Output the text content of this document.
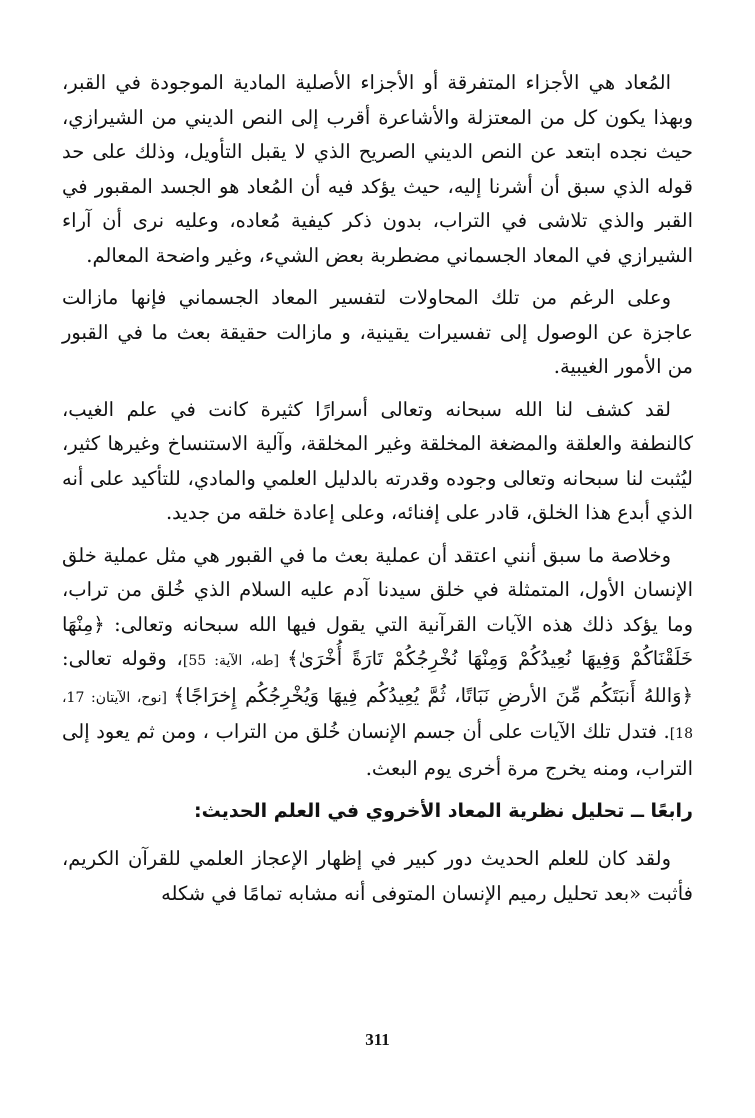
المُعاد هي الأجزاء المتفرقة أو الأجزاء الأصلية المادية الموجودة في القبر، وبهذا يكون كل من المعتزلة والأشاعرة أقرب إلى النص الديني من الشيرازي، حيث نجده ابتعد عن النص الديني الصريح الذي لا يقبل التأويل، وذلك على حد قوله الذي سبق أن أشرنا إليه، حيث يؤكد فيه أن المُعاد هو الجسد المقبور في القبر والذي تلاشى في التراب، بدون ذكر كيفية مُعاده، وعليه نرى أن آراء الشيرازي في المعاد الجسماني مضطربة بعض الشيء، وغير واضحة المعالم.

وعلى الرغم من تلك المحاولات لتفسير المعاد الجسماني فإنها مازالت عاجزة عن الوصول إلى تفسيرات يقينية، و مازالت حقيقة بعث ما في القبور من الأمور الغيبية.

لقد كشف لنا الله سبحانه وتعالى أسرارًا كثيرة كانت في علم الغيب، كالنطفة والعلقة والمضغة المخلقة وغير المخلقة، وآلية الاستنساخ وغيرها كثير، ليُثبت لنا سبحانه وتعالى وجوده وقدرته بالدليل العلمي والمادي، للتأكيد على أنه الذي أبدع هذا الخلق، قادر على إفنائه، وعلى إعادة خلقه من جديد.

وخلاصة ما سبق أنني اعتقد أن عملية بعث ما في القبور هي مثل عملية خلق الإنسان الأول، المتمثلة في خلق سيدنا آدم عليه السلام الذي خُلق من تراب، وما يؤكد ذلك هذه الآيات القرآنية التي يقول فيها الله سبحانه وتعالى: ﴿مِنْهَا خَلَقْنَاكُمْ وَفِيهَا نُعِيدُكُمْ وَمِنْهَا نُخْرِجُكُمْ تَارَةً أُخْرَىٰ﴾ [طه، الآية: 55]، وقوله تعالى: ﴿وَاللهُ أَنبَتَكُم مِّنَ الأرضِ نَبَاتًا، ثُمَّ يُعِيدُكُم فِيهَا وَيُخْرِجُكُم إِخرَاجًا﴾ [نوح، الآيتان: 17، 18]. فتدل تلك الآيات على أن جسم الإنسان خُلق من التراب ، ومن ثم يعود إلى التراب، ومنه يخرج مرة أخرى يوم البعث.

رابعًا ــ تحليل نظرية المعاد الأخروي في العلم الحديث:

ولقد كان للعلم الحديث دور كبير في إظهار الإعجاز العلمي للقرآن الكريم، فأثبت «بعد تحليل رميم الإنسان المتوفى أنه مشابه تمامًا في شكله

311
